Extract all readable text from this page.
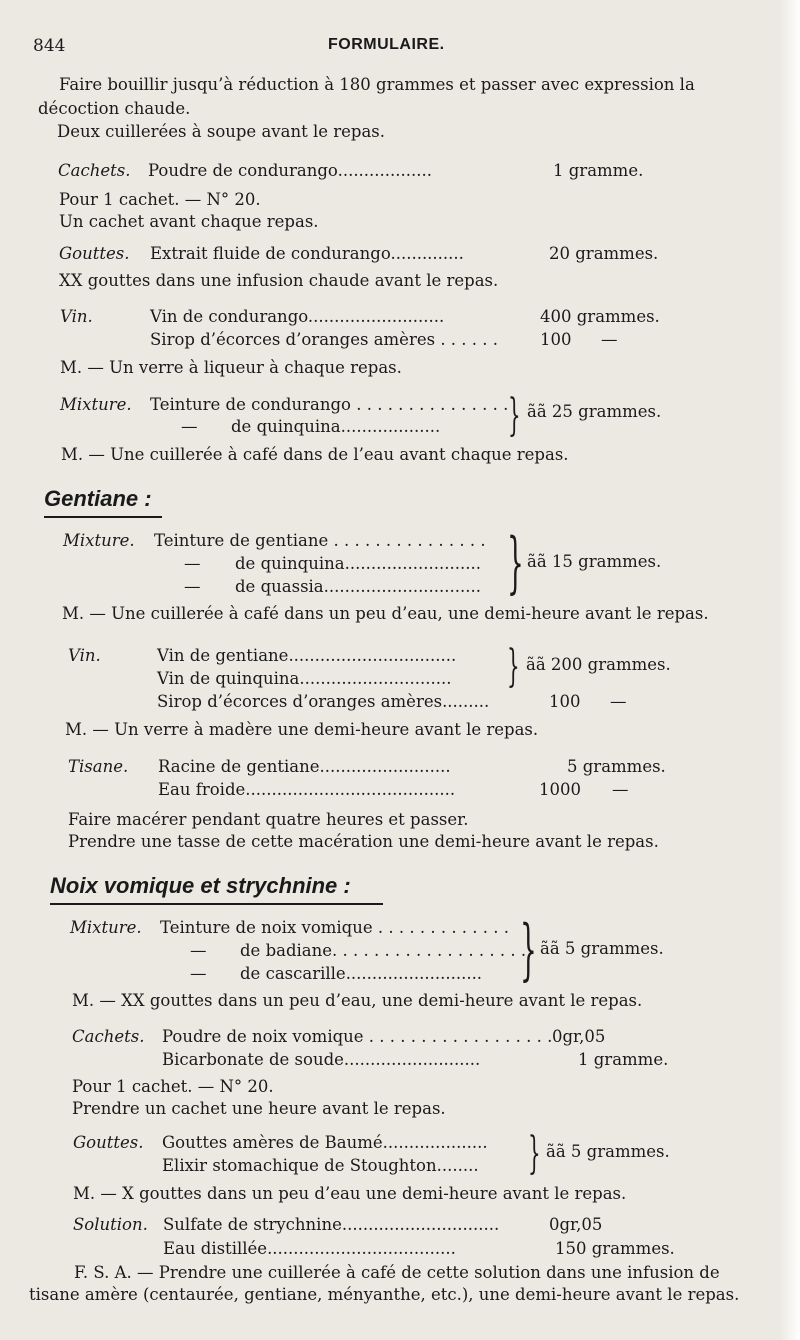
844	FORMULAIRE.
Faire bouillir jusqu’à réduction à 180 grammes et passer avec expression la
décoction chaude.
Deux cuillerées à soupe avant le repas.
Cachets. Poudre de condurango..................	1 gramme.
Pour 1 cachet. — N° 20.
Un cachet avant chaque repas.
Gouttes. Extrait fluide de condurango..............	20 grammes.
XX gouttes dans une infusion chaude avant le repas.
Vin.	Vin de condurango..........................	400 grammes.
Sirop d’écorces d’oranges amères . . . . . .	100 —
M. — Un verre à liqueur à chaque repas.
Mixture. Teinture de condurango . . . . . . . . . . . . . . .
— de quinquina................... } ãã 25 grammes.
M. — Une cuillerée à café dans de l’eau avant chaque repas.
Gentiane :
Mixture. Teinture de gentiane . . . . . . . . . . . . . . .
— de quinquina..........................
— de quassia.............................. } ãã 15 grammes.
M. — Une cuillerée à café dans un peu d’eau, une demi-heure avant le repas.
Vin.	Vin de gentiane................................
Vin de quinquina............................. } ãã 200 grammes.
Sirop d’écorces d’oranges amères.........	100 —
M. — Un verre à madère une demi-heure avant le repas.
Tisane. Racine de gentiane.........................	5 grammes.
Eau froide........................................	1000 —
Faire macérer pendant quatre heures et passer.
Prendre une tasse de cette macération une demi-heure avant le repas.
Noix vomique et strychnine :
Mixture. Teinture de noix vomique . . . . . . . . . . . . .
— de badiane. . . . . . . . . . . . . . . . . . .
— de cascarille.......................... } ãã 5 grammes.
M. — XX gouttes dans un peu d’eau, une demi-heure avant le repas.
Cachets. Poudre de noix vomique . . . . . . . . . . . . . . . . . . 0gr,05
Bicarbonate de soude..........................	1 gramme.
Pour 1 cachet. — N° 20.
Prendre un cachet une heure avant le repas.
Gouttes. Gouttes amères de Baumé....................
Elixir stomachique de Stoughton........ } ãã 5 grammes.
M. — X gouttes dans un peu d’eau une demi-heure avant le repas.
Solution. Sulfate de strychnine..............................	0gr,05
Eau distillée....................................	150 grammes.
F. S. A. — Prendre une cuillerée à café de cette solution dans une infusion de
tisane amère (centaurée, gentiane, ményanthe, etc.), une demi-heure avant le repas.
